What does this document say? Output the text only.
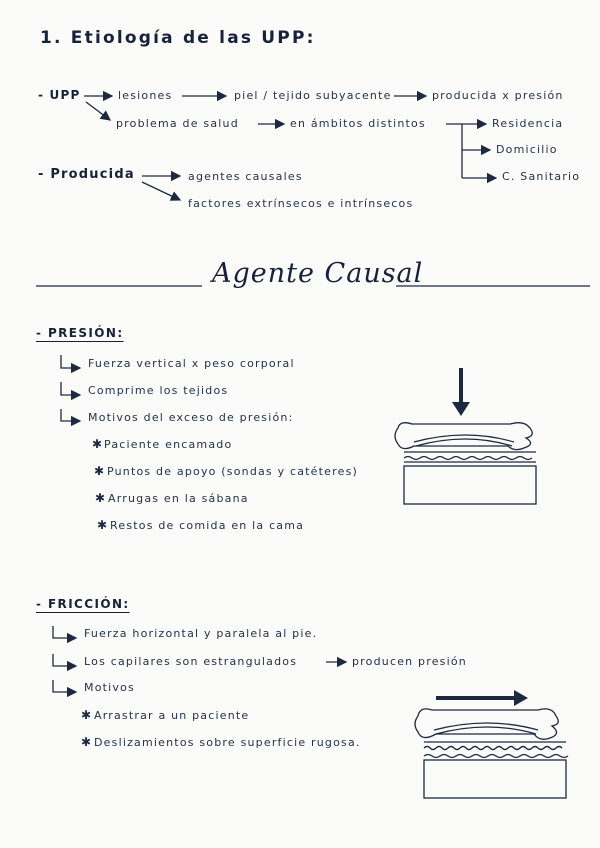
1. Etiología de las UPP:
- UPP	lesiones	piel / tejido subyacente	producida x presión
problema de salud	en ámbitos distintos	Residencia
Domicilio
C. Sanitario
- Producida	agentes causales
factores extrínsecos e intrínsecos
Agente Causal
- PRESIÓN:
Fuerza vertical x peso corporal
Comprime los tejidos
Motivos del exceso de presión:
✱ Paciente encamado
✱ Puntos de apoyo (sondas y catéteres)
✱ Arrugas en la sábana
✱ Restos de comida en la cama
- FRICCIÓN:
Fuerza horizontal y paralela al pie.
Los capilares son estrangulados	producen presión
Motivos
✱ Arrastrar a un paciente
✱ Deslizamientos sobre superficie rugosa.
